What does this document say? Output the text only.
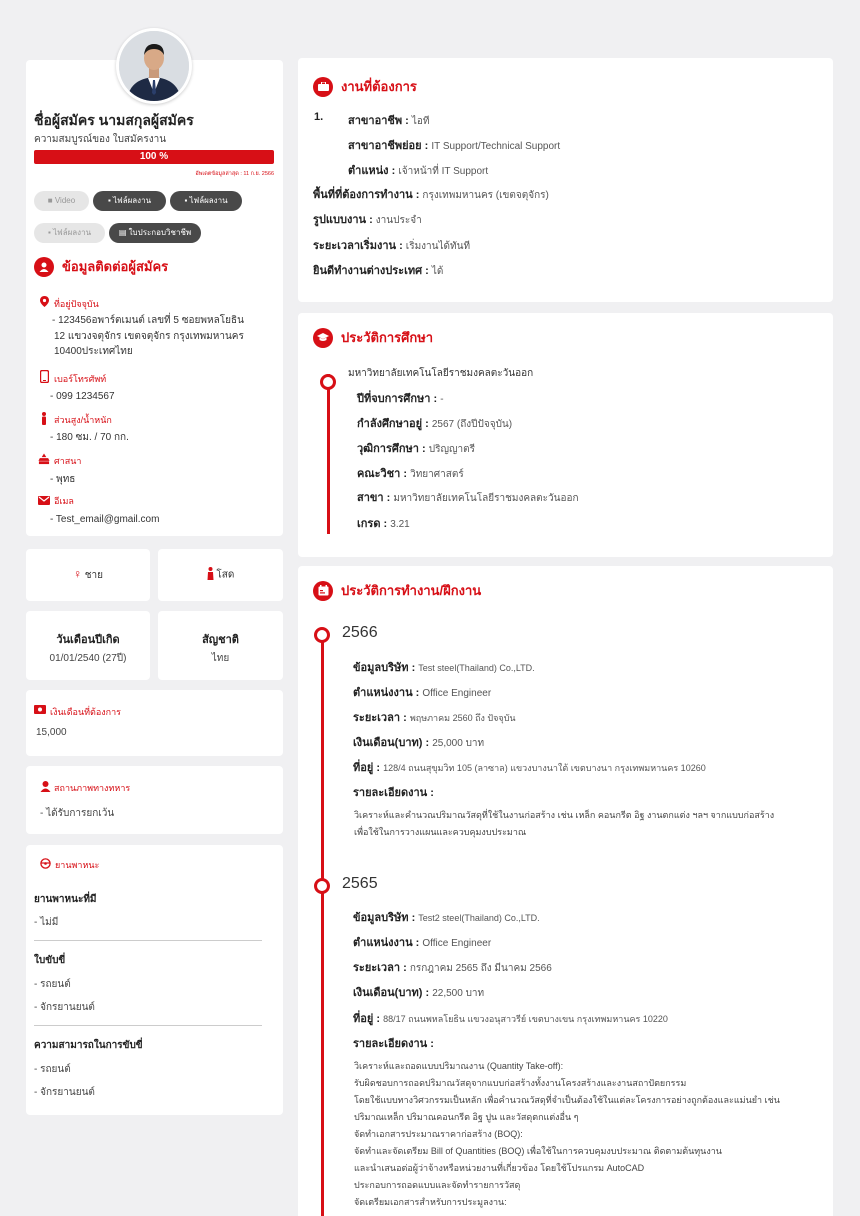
ชื่อผู้สมัคร นามสกุลผู้สมัคร
ความสมบูรณ์ของ ใบสมัครงาน
100 %
อัพเดตข้อมูลล่าสุด : 11 ก.ย. 2566
■ Video	▪ ไฟล์ผลงาน	▪ ไฟล์ผลงาน
▪ ไฟล์ผลงาน	▤ ใบประกอบวิชาชีพ
ข้อมูลติดต่อผู้สมัคร
ที่อยู่ปัจจุบัน
- 123456อพาร์ตเมนต์ เลขที่ 5 ซอยพหลโยธิน
12 แขวงจตุจักร เขตจตุจักร กรุงเทพมหานคร
10400ประเทศไทย
เบอร์โทรศัพท์
- 099 1234567
ส่วนสูง/น้ำหนัก
- 180 ซม. / 70 กก.
ศาสนา
- พุทธ
อีเมล
- Test_email@gmail.com
♀ ชาย	โสด
วันเดือนปีเกิด
01/01/2540 (27ปี)
สัญชาติ
ไทย
เงินเดือนที่ต้องการ
15,000
สถานภาพทางทหาร
- ได้รับการยกเว้น
ยานพาหนะ
ยานพาหนะที่มี
- ไม่มี
ใบขับขี่
- รถยนต์
- จักรยานยนต์
ความสามารถในการขับขี่
- รถยนต์
- จักรยานยนต์
งานที่ต้องการ
1. สาขาอาชีพ : ไอที
สาขาอาชีพย่อย : IT Support/Technical Support
ตำแหน่ง : เจ้าหน้าที่ IT Support
พื้นที่ที่ต้องการทำงาน : กรุงเทพมหานคร (เขตจตุจักร)
รูปแบบงาน : งานประจำ
ระยะเวลาเริ่มงาน : เริ่มงานได้ทันที
ยินดีทำงานต่างประเทศ : ได้
ประวัติการศึกษา
มหาวิทยาลัยเทคโนโลยีราชมงคลตะวันออก
ปีที่จบการศึกษา : -
กำลังศึกษาอยู่ : 2567 (ถึงปีปัจจุบัน)
วุฒิการศึกษา : ปริญญาตรี
คณะวิชา : วิทยาศาสตร์
สาขา : มหาวิทยาลัยเทคโนโลยีราชมงคลตะวันออก
เกรด : 3.21
ประวัติการทำงาน/ฝึกงาน
2566
ข้อมูลบริษัท : Test steel(Thailand) Co.,LTD.
ตำแหน่งงาน : Office Engineer
ระยะเวลา : พฤษภาคม 2560 ถึง ปัจจุบัน
เงินเดือน(บาท) : 25,000 บาท
ที่อยู่ : 128/4 ถนนสุขุมวิท 105 (ลาซาล) แขวงบางนาใต้ เขตบางนา กรุงเทพมหานคร 10260
รายละเอียดงาน :
วิเคราะห์และคำนวณปริมาณวัสดุที่ใช้ในงานก่อสร้าง เช่น เหล็ก คอนกรีต อิฐ งานตกแต่ง ฯลฯ จากแบบก่อสร้าง
เพื่อใช้ในการวางแผนและควบคุมงบประมาณ
2565
ข้อมูลบริษัท : Test2 steel(Thailand) Co.,LTD.
ตำแหน่งงาน : Office Engineer
ระยะเวลา : กรกฎาคม 2565 ถึง มีนาคม 2566
เงินเดือน(บาท) : 22,500 บาท
ที่อยู่ : 88/17 ถนนพหลโยธิน แขวงอนุสาวรีย์ เขตบางเขน กรุงเทพมหานคร 10220
รายละเอียดงาน :
วิเคราะห์และถอดแบบปริมาณงาน (Quantity Take-off):
รับผิดชอบการถอดปริมาณวัสดุจากแบบก่อสร้างทั้งงานโครงสร้างและงานสถาปัตยกรรม
โดยใช้แบบทางวิศวกรรมเป็นหลัก เพื่อคำนวณวัสดุที่จำเป็นต้องใช้ในแต่ละโครงการอย่างถูกต้องและแม่นยำ เช่น
ปริมาณเหล็ก ปริมาณคอนกรีต อิฐ ปูน และวัสดุตกแต่งอื่น ๆ
จัดทำเอกสารประมาณราคาก่อสร้าง (BOQ):
จัดทำและจัดเตรียม Bill of Quantities (BOQ) เพื่อใช้ในการควบคุมงบประมาณ ติดตามต้นทุนงาน
และนำเสนอต่อผู้ว่าจ้างหรือหน่วยงานที่เกี่ยวข้อง โดยใช้โปรแกรม AutoCAD
ประกอบการถอดแบบและจัดทำรายการวัสดุ
จัดเตรียมเอกสารสำหรับการประมูลงาน:
